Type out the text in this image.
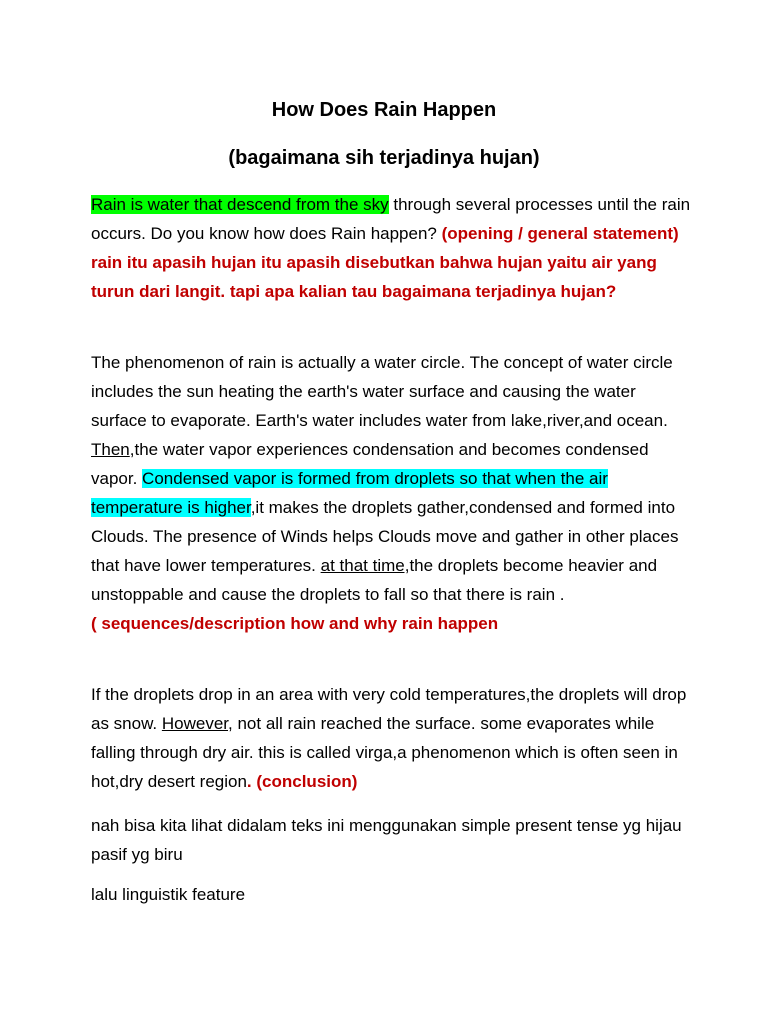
How Does Rain Happen
(bagaimana sih terjadinya hujan)
Rain is water that descend from the sky through several processes until the rain occurs. Do you know how does Rain happen? (opening / general statement) rain itu apasih hujan itu apasih disebutkan bahwa hujan yaitu air yang turun dari langit. tapi apa kalian tau bagaimana terjadinya hujan?
The phenomenon of rain is actually a water circle. The concept of water circle includes the sun heating the earth's water surface and causing the water surface to evaporate. Earth's water includes water from lake,river,and ocean. Then,the water vapor experiences condensation and becomes condensed vapor. Condensed vapor is formed from droplets so that when the air temperature is higher,it makes the droplets gather,condensed and formed into Clouds. The presence of Winds helps Clouds move and gather in other places that have lower temperatures. at that time,the droplets become heavier and unstoppable and cause the droplets to fall so that there is rain .
( sequences/description how and why rain happen
If the droplets drop in an area with very cold temperatures,the droplets will drop as snow. However, not all rain reached the surface. some evaporates while falling through dry air. this is called virga,a phenomenon which is often seen in hot,dry desert region. (conclusion)
nah bisa kita lihat didalam teks ini menggunakan simple present tense yg hijau pasif yg biru
lalu linguistik feature
